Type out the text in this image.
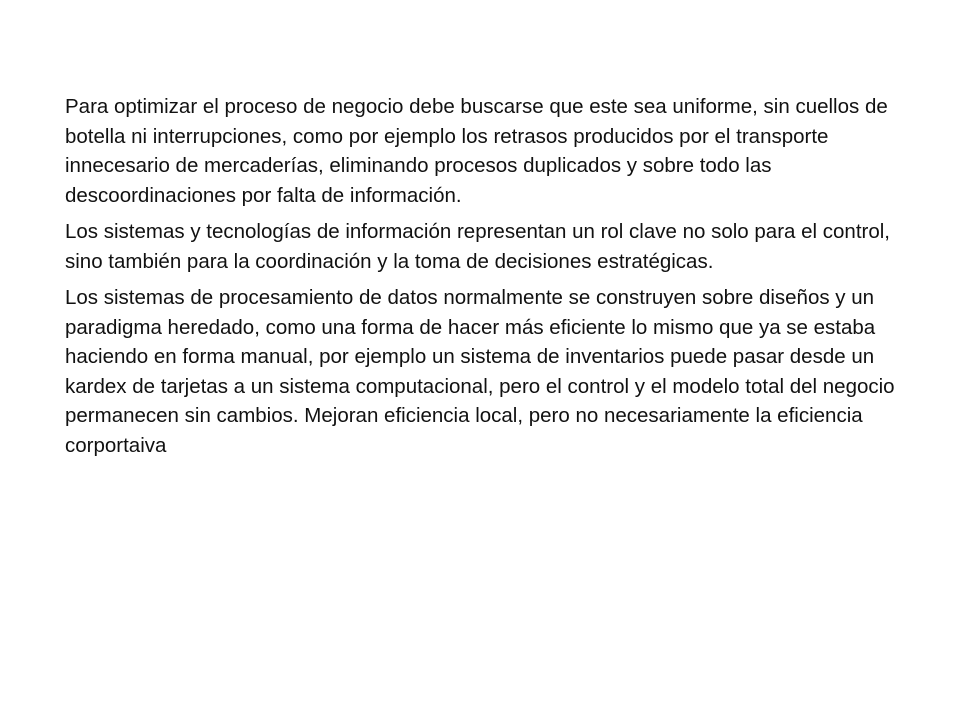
Para optimizar el proceso de negocio debe buscarse que este sea uniforme, sin cuellos de botella ni interrupciones, como por ejemplo los retrasos producidos por el transporte innecesario de mercaderías, eliminando procesos duplicados y sobre todo las descoordinaciones por falta de información.

Los sistemas y tecnologías de información representan un rol clave no solo para el control, sino también para la coordinación y la toma de decisiones estratégicas.

Los sistemas de procesamiento de datos normalmente se construyen sobre diseños y un paradigma heredado, como una forma de hacer más eficiente lo mismo que ya se estaba haciendo en forma manual, por ejemplo un sistema de inventarios puede pasar desde un kardex de tarjetas a un sistema computacional, pero el control y el modelo total del negocio permanecen sin cambios. Mejoran eficiencia local, pero no necesariamente la eficiencia corportaiva
